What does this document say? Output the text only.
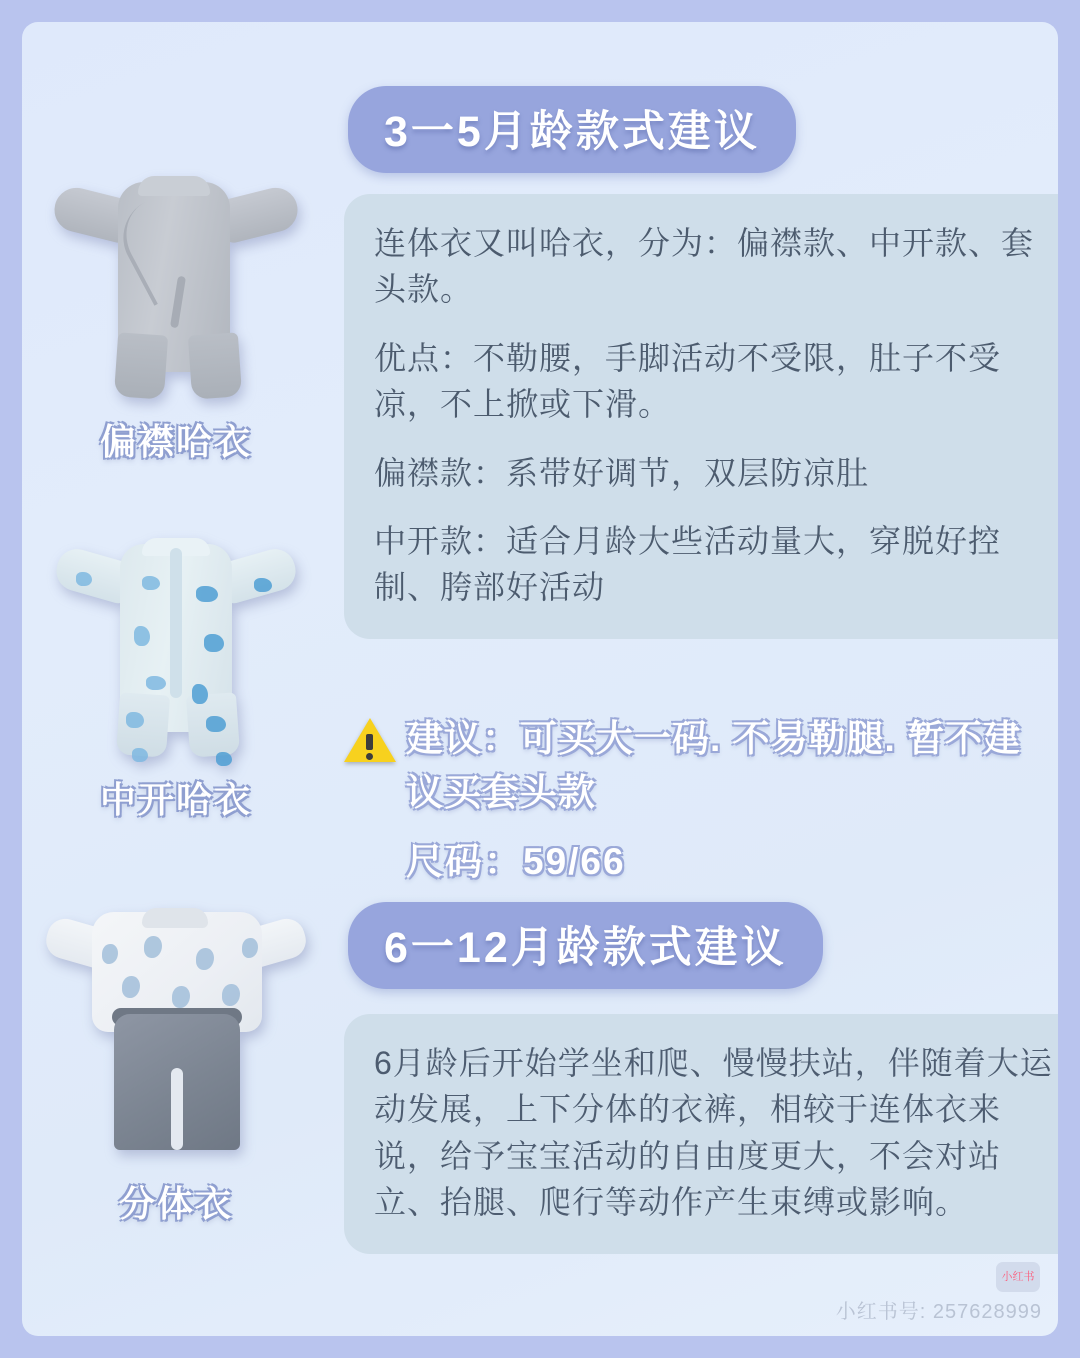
偏襟哈衣
中开哈衣
分体衣
3一5月龄款式建议

连体衣又叫哈衣，分为：偏襟款、中开款、套头款。

优点：不勒腰，手脚活动不受限，肚子不受凉，不上掀或下滑。

偏襟款：系带好调节，双层防凉肚

中开款：适合月龄大些活动量大，穿脱好控制、胯部好活动

建议：可买大一码. 不易勒腿. 暂不建议买套头款
尺码：59/66
6一12月龄款式建议

6月龄后开始学坐和爬、慢慢扶站，伴随着大运动发展，上下分体的衣裤，相较于连体衣来说，给予宝宝活动的自由度更大，不会对站立、抬腿、爬行等动作产生束缚或影响。

小红书
小红书号: 257628999
